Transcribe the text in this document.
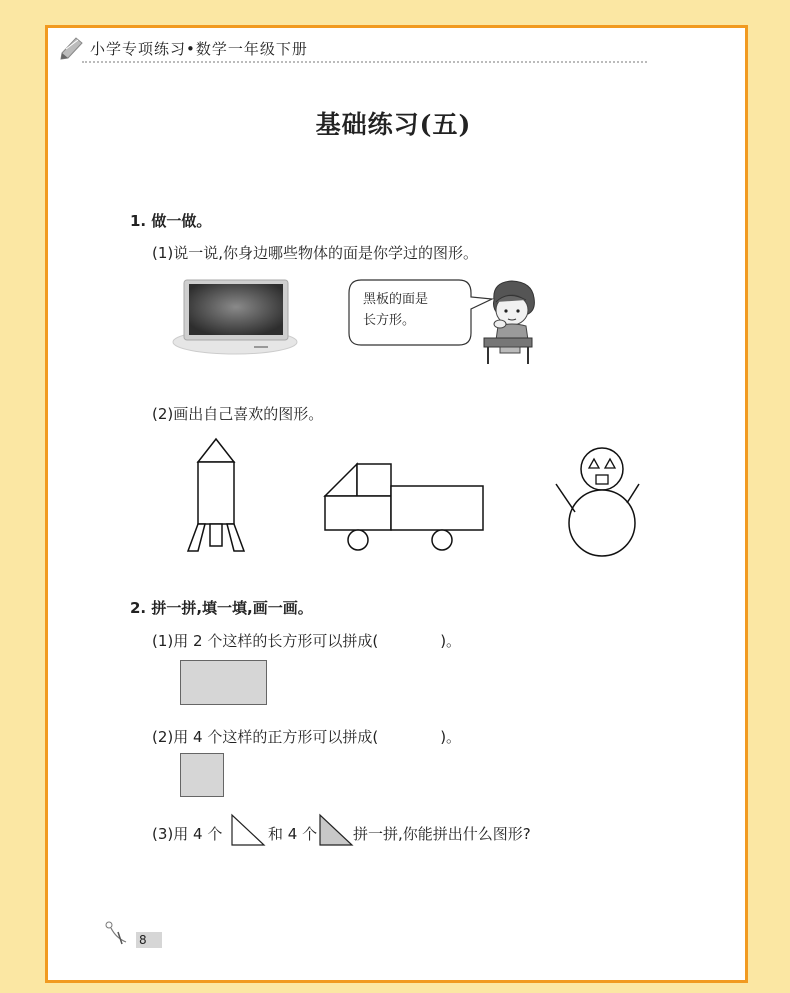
小学专项练习•数学一年级下册
基础练习(五)
1. 做一做。
(1)说一说,你身边哪些物体的面是你学过的图形。
黑板的面是
长方形。
(2)画出自己喜欢的图形。
2. 拼一拼,填一填,画一画。
(1)用 2 个这样的长方形可以拼成(	)。
(2)用 4 个这样的正方形可以拼成(	)。
(3)用 4 个	和 4 个 拼一拼,你能拼出什么图形?
8
